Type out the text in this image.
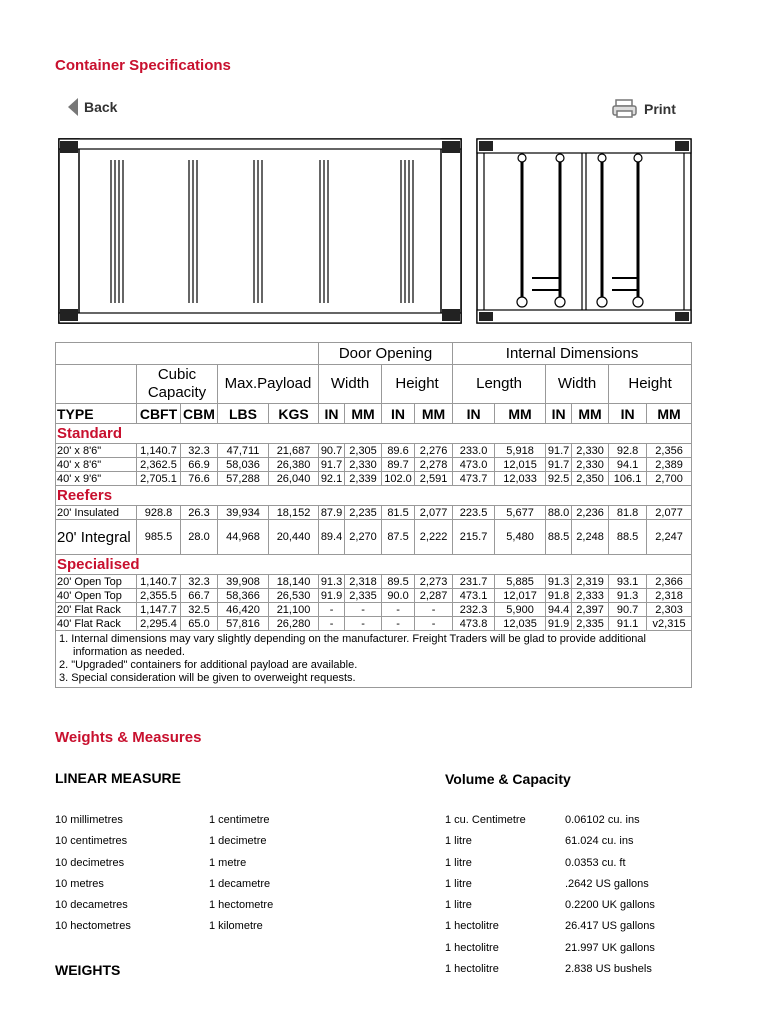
Container Specifications
Back	Print
					Door Opening				Internal Dimensions					
	Cubic Capacity		Max.Payload		Width		Height		Length		Width		Height	
TYPE	CBFT	CBM	LBS	KGS	IN	MM	IN	MM	IN	MM	IN	MM	IN	MM
Standard														
20' x 8'6"	1,140.7	32.3	47,711	21,687	90.7	2,305	89.6	2,276	233.0	5,918	91.7	2,330	92.8	2,356
40' x 8'6"	2,362.5	66.9	58,036	26,380	91.7	2,330	89.7	2,278	473.0	12,015	91.7	2,330	94.1	2,389
40' x 9'6"	2,705.1	76.6	57,288	26,040	92.1	2,339	102.0	2,591	473.7	12,033	92.5	2,350	106.1	2,700
Reefers														
20' Insulated	928.8	26.3	39,934	18,152	87.9	2,235	81.5	2,077	223.5	5,677	88.0	2,236	81.8	2,077
20' Integral	985.5	28.0	44,968	20,440	89.4	2,270	87.5	2,222	215.7	5,480	88.5	2,248	88.5	2,247
Specialised														
20' Open Top	1,140.7	32.3	39,908	18,140	91.3	2,318	89.5	2,273	231.7	5,885	91.3	2,319	93.1	2,366
40' Open Top	2,355.5	66.7	58,366	26,530	91.9	2,335	90.0	2,287	473.1	12,017	91.8	2,333	91.3	2,318
20' Flat Rack	1,147.7	32.5	46,420	21,100	-	-	-	-	232.3	5,900	94.4	2,397	90.7	2,303
40' Flat Rack	2,295.4	65.0	57,816	26,280	-	-	-	-	473.8	12,035	91.9	2,335	91.1	v2,315
1. Internal dimensions may vary slightly depending on the manufacturer. Freight Traders will be glad to provide additional
information as needed.
2. "Upgraded" containers for additional payload are available.
3. Special consideration will be given to overweight requests.														
Weights & Measures
LINEAR MEASURE	Volume & Capacity
10 millimetres	1 centimetre
10 centimetres	1 decimetre
10 decimetres	1 metre
10 metres	1 decametre
10 decametres	1 hectometre
10 hectometres	1 kilometre
1 cu. Centimetre	0.06102 cu. ins
1 litre	61.024 cu. ins
1 litre	0.0353 cu. ft
1 litre	.2642 US gallons
1 litre	0.2200 UK gallons
1 hectolitre	26.417 US gallons
1 hectolitre	21.997 UK gallons
1 hectolitre	2.838 US bushels
WEIGHTS
